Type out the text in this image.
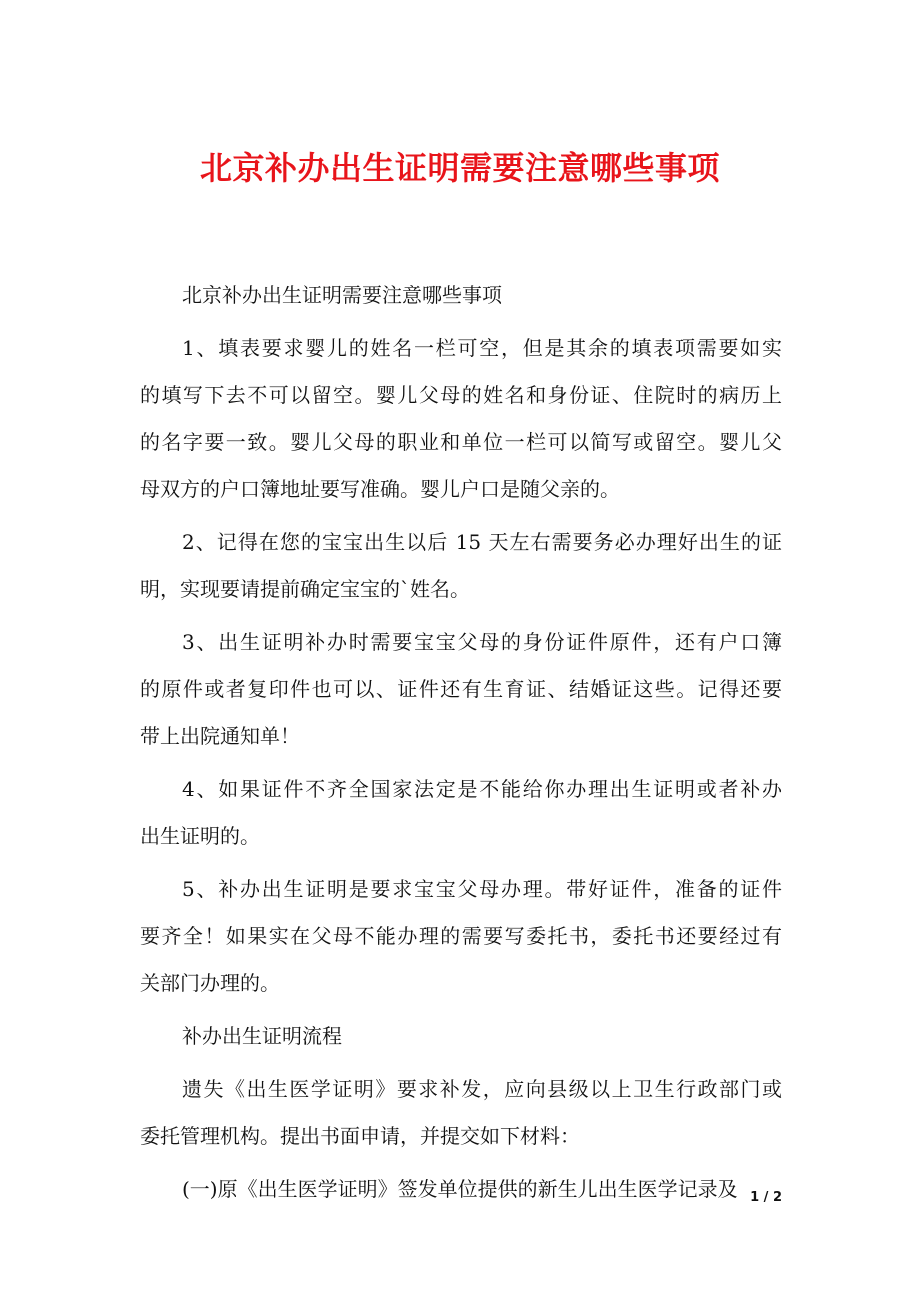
北京补办出生证明需要注意哪些事项
北京补办出生证明需要注意哪些事项
1、填表要求婴儿的姓名一栏可空，但是其余的填表项需要如实
的填写下去不可以留空。婴儿父母的姓名和身份证、住院时的病历上
的名字要一致。婴儿父母的职业和单位一栏可以简写或留空。婴儿父
母双方的户口簿地址要写准确。婴儿户口是随父亲的。
2、记得在您的宝宝出生以后 15 天左右需要务必办理好出生的证
明，实现要请提前确定宝宝的`姓名。
3、出生证明补办时需要宝宝父母的身份证件原件，还有户口簿
的原件或者复印件也可以、证件还有生育证、结婚证这些。记得还要
带上出院通知单！
4、如果证件不齐全国家法定是不能给你办理出生证明或者补办
出生证明的。
5、补办出生证明是要求宝宝父母办理。带好证件，准备的证件
要齐全！如果实在父母不能办理的需要写委托书，委托书还要经过有
关部门办理的。
补办出生证明流程
遗失《出生医学证明》要求补发，应向县级以上卫生行政部门或
委托管理机构。提出书面申请，并提交如下材料：
(一)原《出生医学证明》签发单位提供的新生儿出生医学记录及 1 / 2
